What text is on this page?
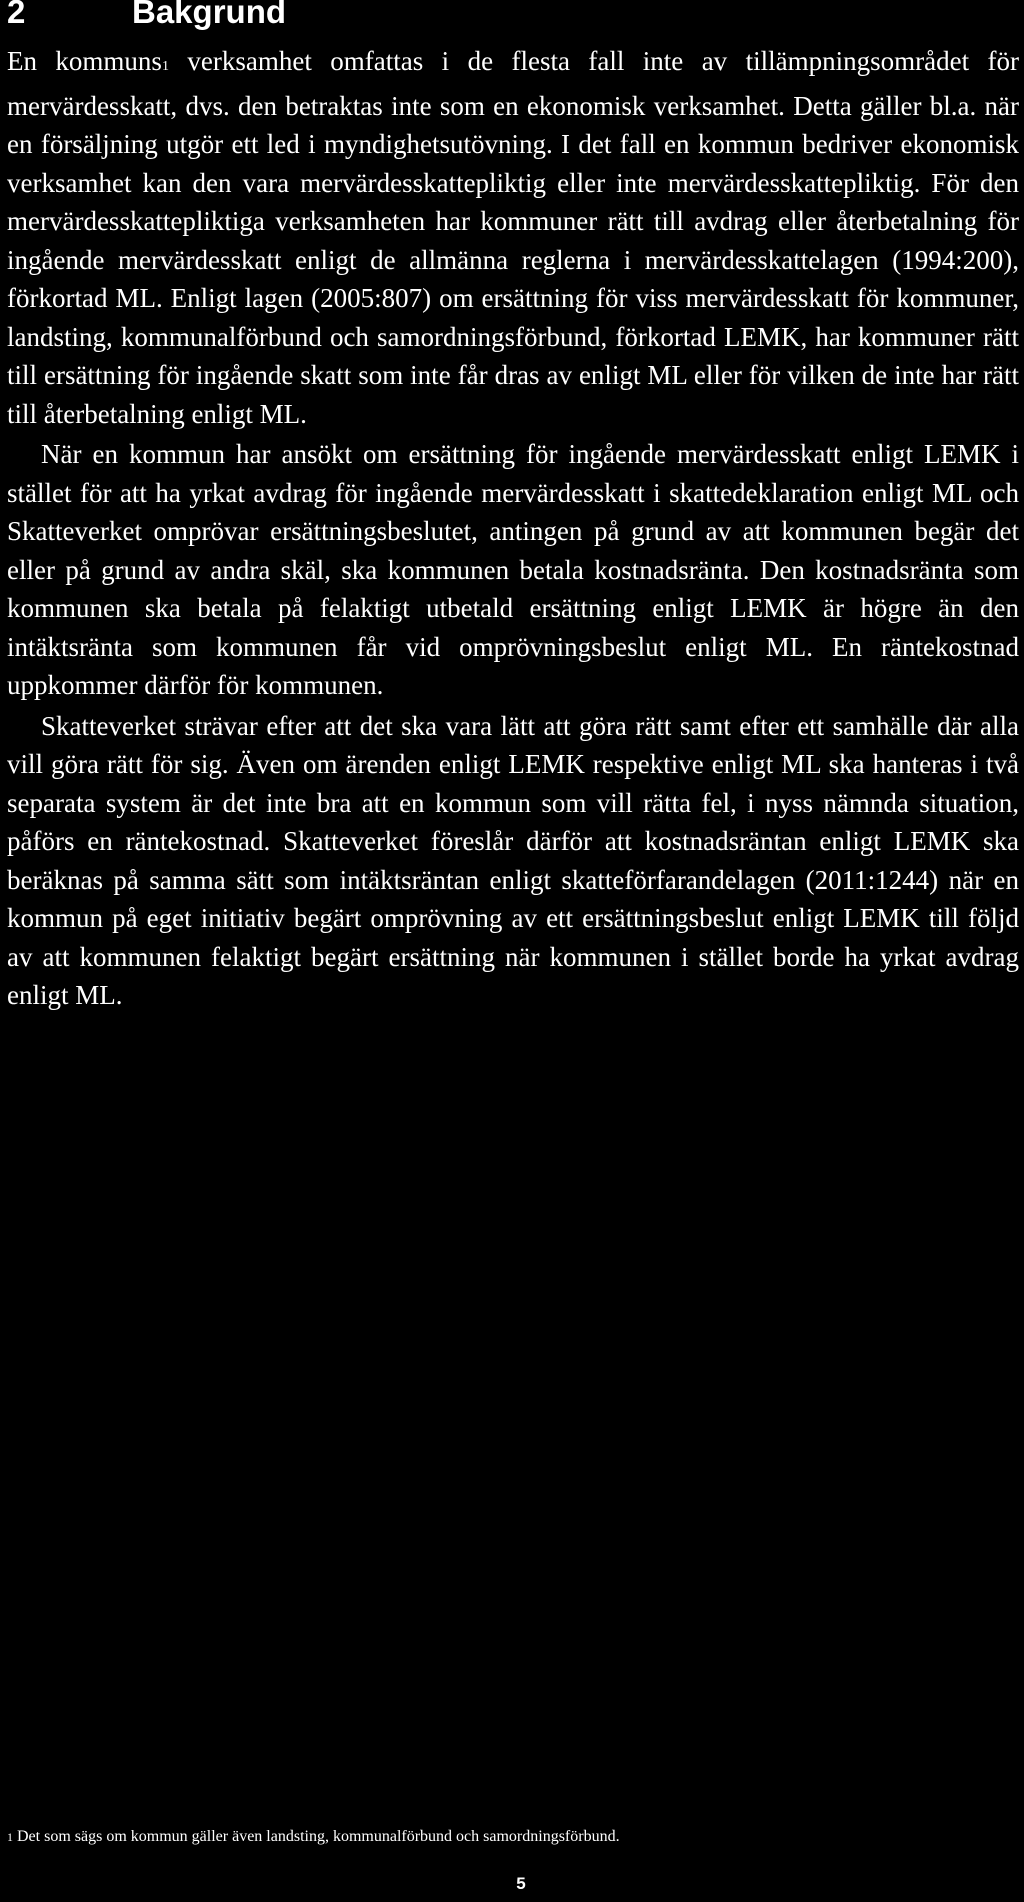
2	Bakgrund

En kommuns1 verksamhet omfattas i de flesta fall inte av tillämpningsområdet för mervärdesskatt, dvs. den betraktas inte som en ekonomisk verksamhet. Detta gäller bl.a. när en försäljning utgör ett led i myndighetsutövning. I det fall en kommun bedriver ekonomisk verksamhet kan den vara mervärdesskattepliktig eller inte mervärdesskattepliktig. För den mervärdesskattepliktiga verksamheten har kommuner rätt till avdrag eller återbetalning för ingående mervärdesskatt enligt de allmänna reglerna i mervärdesskattelagen (1994:200), förkortad ML. Enligt lagen (2005:807) om ersättning för viss mervärdesskatt för kommuner, landsting, kommunalförbund och samordningsförbund, förkortad LEMK, har kommuner rätt till ersättning för ingående skatt som inte får dras av enligt ML eller för vilken de inte har rätt till återbetalning enligt ML.

När en kommun har ansökt om ersättning för ingående mervärdesskatt enligt LEMK i stället för att ha yrkat avdrag för ingående mervärdesskatt i skattedeklaration enligt ML och Skatteverket omprövar ersättningsbeslutet, antingen på grund av att kommunen begär det eller på grund av andra skäl, ska kommunen betala kostnadsränta. Den kostnadsränta som kommunen ska betala på felaktigt utbetald ersättning enligt LEMK är högre än den intäktsränta som kommunen får vid omprövningsbeslut enligt ML. En räntekostnad uppkommer därför för kommunen.

Skatteverket strävar efter att det ska vara lätt att göra rätt samt efter ett samhälle där alla vill göra rätt för sig. Även om ärenden enligt LEMK respektive enligt ML ska hanteras i två separata system är det inte bra att en kommun som vill rätta fel, i nyss nämnda situation, påförs en räntekostnad. Skatteverket föreslår därför att kostnadsräntan enligt LEMK ska beräknas på samma sätt som intäktsräntan enligt skatteförfarandelagen (2011:1244) när en kommun på eget initiativ begärt omprövning av ett ersättningsbeslut enligt LEMK till följd av att kommunen felaktigt begärt ersättning när kommunen i stället borde ha yrkat avdrag enligt ML.

1 Det som sägs om kommun gäller även landsting, kommunalförbund och samordningsförbund.
5
